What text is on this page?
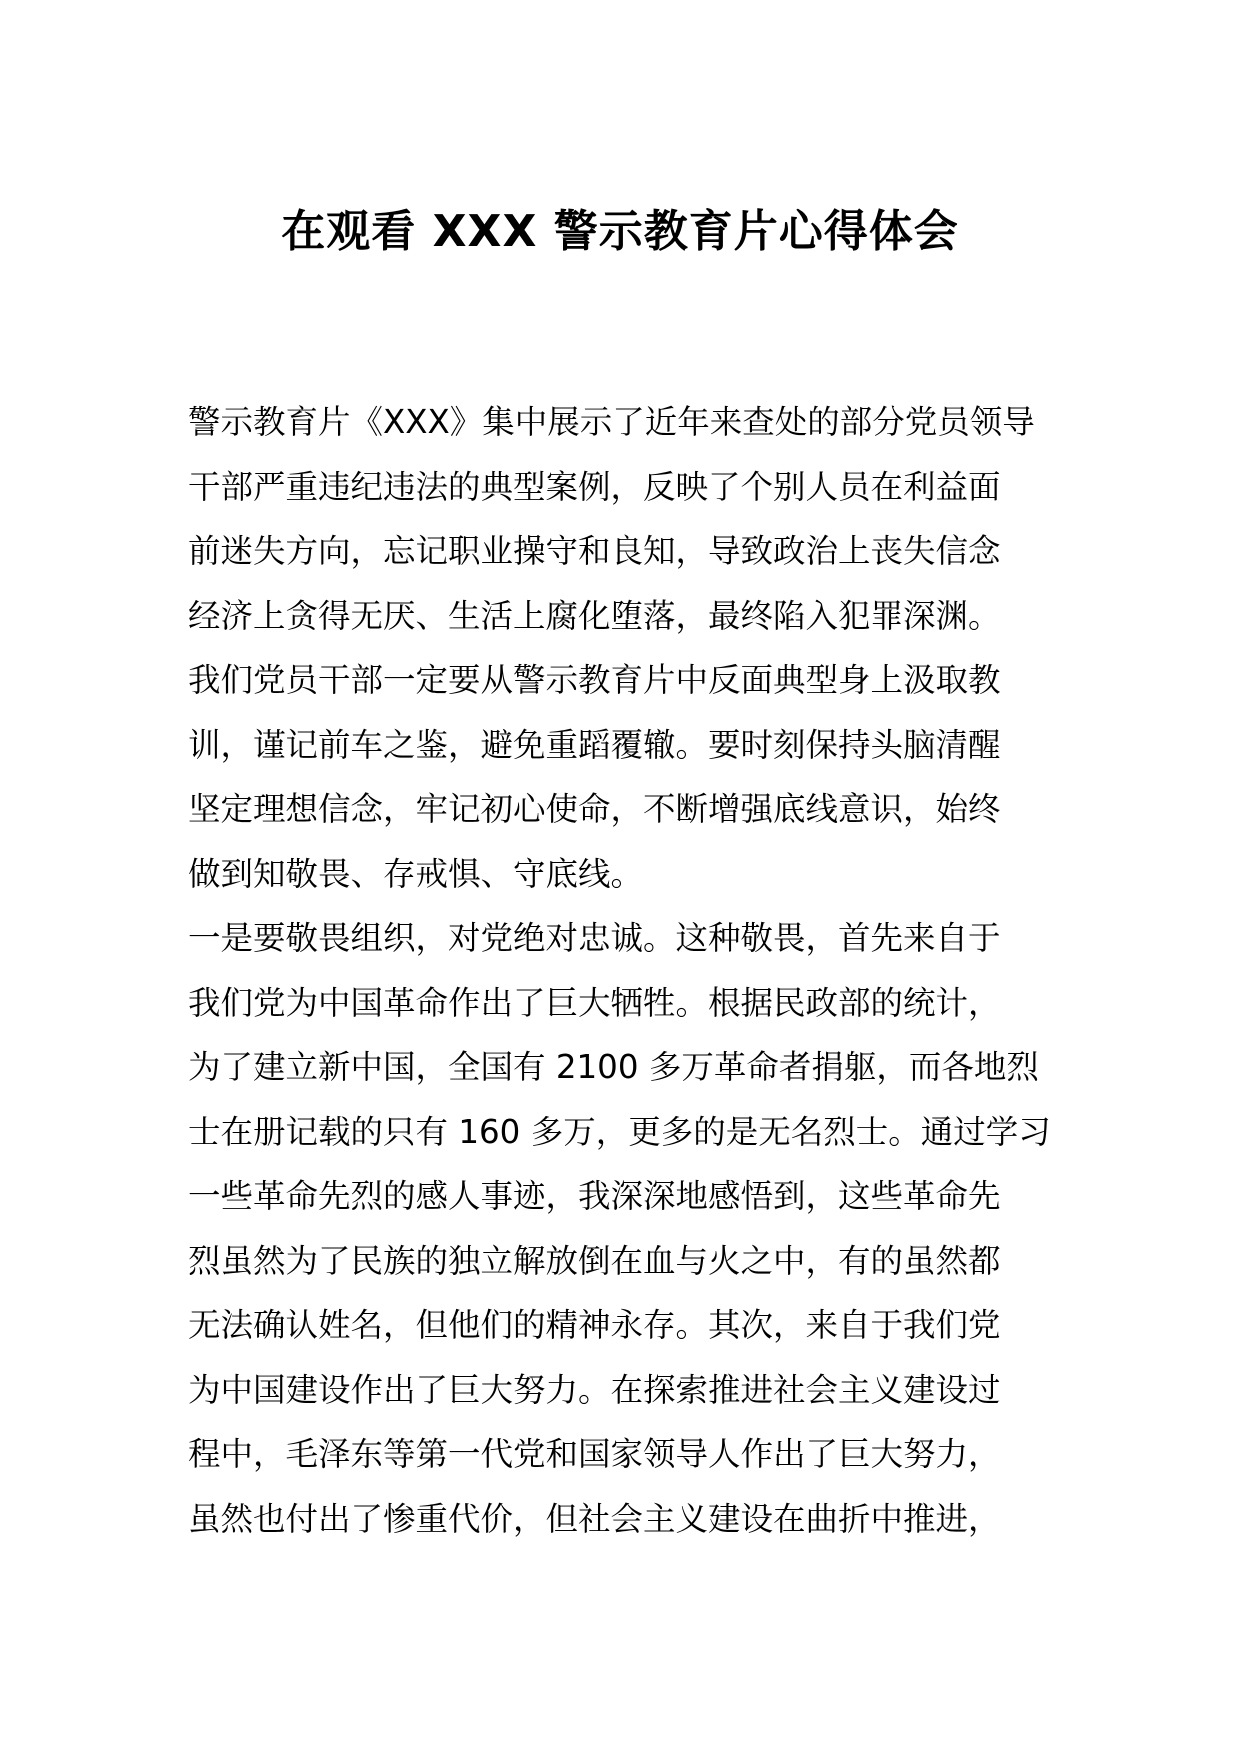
在观看 XXX 警示教育片心得体会
警示教育片《XXX》集中展示了近年来查处的部分党员领导
干部严重违纪违法的典型案例，反映了个别人员在利益面
前迷失方向，忘记职业操守和良知，导致政治上丧失信念
经济上贪得无厌、生活上腐化堕落，最终陷入犯罪深渊。
我们党员干部一定要从警示教育片中反面典型身上汲取教
训，谨记前车之鉴，避免重蹈覆辙。要时刻保持头脑清醒
坚定理想信念，牢记初心使命，不断增强底线意识，始终
做到知敬畏、存戒惧、守底线。
一是要敬畏组织，对党绝对忠诚。这种敬畏，首先来自于
我们党为中国革命作出了巨大牺牲。根据民政部的统计，
为了建立新中国，全国有 2100 多万革命者捐躯，而各地烈
士在册记载的只有 160 多万，更多的是无名烈士。通过学习
一些革命先烈的感人事迹，我深深地感悟到，这些革命先
烈虽然为了民族的独立解放倒在血与火之中，有的虽然都
无法确认姓名，但他们的精神永存。其次，来自于我们党
为中国建设作出了巨大努力。在探索推进社会主义建设过
程中，毛泽东等第一代党和国家领导人作出了巨大努力，
虽然也付出了惨重代价，但社会主义建设在曲折中推进，
